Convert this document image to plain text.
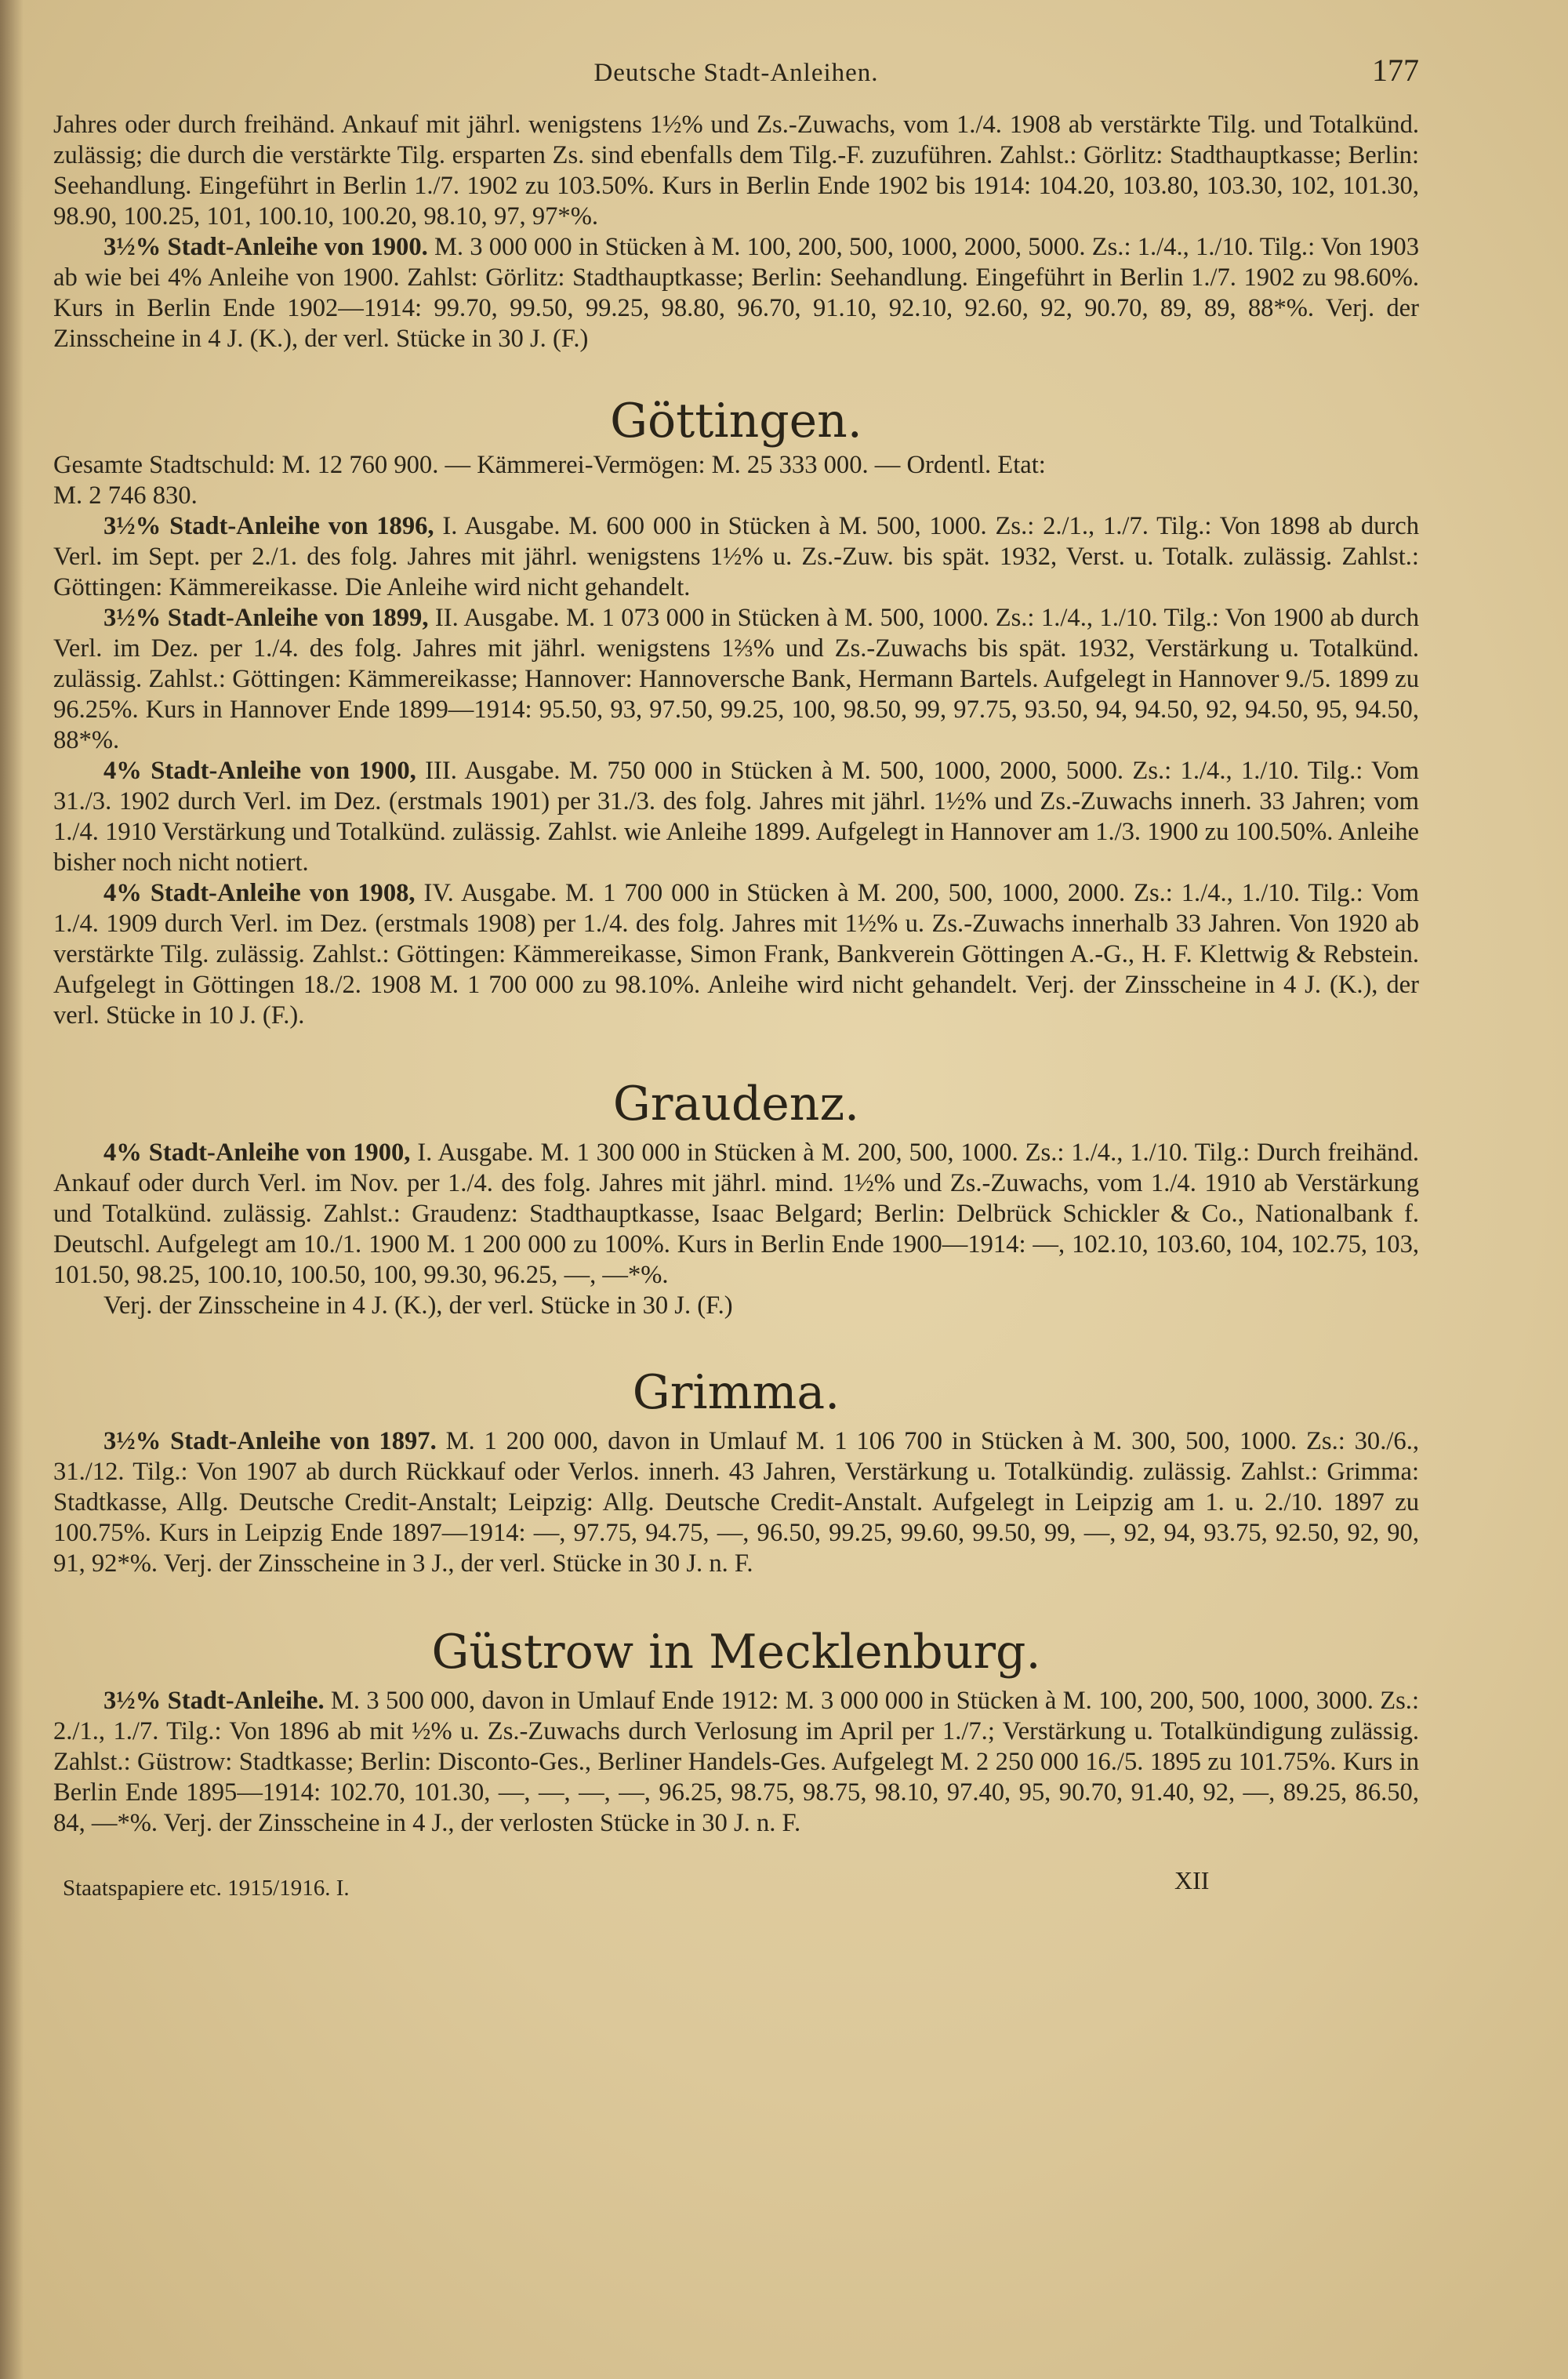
Deutsche Stadt-Anleihen.	177

Jahres oder durch freihänd. Ankauf mit jährl. wenigstens 1½% und Zs.-Zuwachs, vom 1./4. 1908 ab verstärkte Tilg. und Totalkünd. zulässig; die durch die verstärkte Tilg. ersparten Zs. sind ebenfalls dem Tilg.-F. zuzuführen. Zahlst.: Görlitz: Stadthauptkasse; Berlin: Seehandlung. Eingeführt in Berlin 1./7. 1902 zu 103.50%. Kurs in Berlin Ende 1902 bis 1914: 104.20, 103.80, 103.30, 102, 101.30, 98.90, 100.25, 101, 100.10, 100.20, 98.10, 97, 97*%.

3½% Stadt-Anleihe von 1900. M. 3 000 000 in Stücken à M. 100, 200, 500, 1000, 2000, 5000. Zs.: 1./4., 1./10. Tilg.: Von 1903 ab wie bei 4% Anleihe von 1900. Zahlst: Görlitz: Stadthauptkasse; Berlin: Seehandlung. Eingeführt in Berlin 1./7. 1902 zu 98.60%. Kurs in Berlin Ende 1902—1914: 99.70, 99.50, 99.25, 98.80, 96.70, 91.10, 92.10, 92.60, 92, 90.70, 89, 89, 88*%. Verj. der Zinsscheine in 4 J. (K.), der verl. Stücke in 30 J. (F.)

Göttingen.

Gesamte Stadtschuld: M. 12 760 900. — Kämmerei-Vermögen: M. 25 333 000. — Ordentl. Etat:

M. 2 746 830.

3½% Stadt-Anleihe von 1896, I. Ausgabe. M. 600 000 in Stücken à M. 500, 1000. Zs.: 2./1., 1./7. Tilg.: Von 1898 ab durch Verl. im Sept. per 2./1. des folg. Jahres mit jährl. wenigstens 1½% u. Zs.-Zuw. bis spät. 1932, Verst. u. Totalk. zulässig. Zahlst.: Göttingen: Kämmereikasse. Die Anleihe wird nicht gehandelt.

3½% Stadt-Anleihe von 1899, II. Ausgabe. M. 1 073 000 in Stücken à M. 500, 1000. Zs.: 1./4., 1./10. Tilg.: Von 1900 ab durch Verl. im Dez. per 1./4. des folg. Jahres mit jährl. wenigstens 1⅔% und Zs.-Zuwachs bis spät. 1932, Verstärkung u. Totalkünd. zulässig. Zahlst.: Göttingen: Kämmereikasse; Hannover: Hannoversche Bank, Hermann Bartels. Aufgelegt in Hannover 9./5. 1899 zu 96.25%. Kurs in Hannover Ende 1899—1914: 95.50, 93, 97.50, 99.25, 100, 98.50, 99, 97.75, 93.50, 94, 94.50, 92, 94.50, 95, 94.50, 88*%.

4% Stadt-Anleihe von 1900, III. Ausgabe. M. 750 000 in Stücken à M. 500, 1000, 2000, 5000. Zs.: 1./4., 1./10. Tilg.: Vom 31./3. 1902 durch Verl. im Dez. (erstmals 1901) per 31./3. des folg. Jahres mit jährl. 1½% und Zs.-Zuwachs innerh. 33 Jahren; vom 1./4. 1910 Verstärkung und Totalkünd. zulässig. Zahlst. wie Anleihe 1899. Aufgelegt in Hannover am 1./3. 1900 zu 100.50%. Anleihe bisher noch nicht notiert.

4% Stadt-Anleihe von 1908, IV. Ausgabe. M. 1 700 000 in Stücken à M. 200, 500, 1000, 2000. Zs.: 1./4., 1./10. Tilg.: Vom 1./4. 1909 durch Verl. im Dez. (erstmals 1908) per 1./4. des folg. Jahres mit 1½% u. Zs.-Zuwachs innerhalb 33 Jahren. Von 1920 ab verstärkte Tilg. zulässig. Zahlst.: Göttingen: Kämmereikasse, Simon Frank, Bankverein Göttingen A.-G., H. F. Klettwig & Rebstein. Aufgelegt in Göttingen 18./2. 1908 M. 1 700 000 zu 98.10%. Anleihe wird nicht gehandelt. Verj. der Zinsscheine in 4 J. (K.), der verl. Stücke in 10 J. (F.).

Graudenz.

4% Stadt-Anleihe von 1900, I. Ausgabe. M. 1 300 000 in Stücken à M. 200, 500, 1000. Zs.: 1./4., 1./10. Tilg.: Durch freihänd. Ankauf oder durch Verl. im Nov. per 1./4. des folg. Jahres mit jährl. mind. 1½% und Zs.-Zuwachs, vom 1./4. 1910 ab Verstärkung und Totalkünd. zulässig. Zahlst.: Graudenz: Stadthauptkasse, Isaac Belgard; Berlin: Delbrück Schickler & Co., Nationalbank f. Deutschl. Aufgelegt am 10./1. 1900 M. 1 200 000 zu 100%. Kurs in Berlin Ende 1900—1914: —, 102.10, 103.60, 104, 102.75, 103, 101.50, 98.25, 100.10, 100.50, 100, 99.30, 96.25, —, —*%.

Verj. der Zinsscheine in 4 J. (K.), der verl. Stücke in 30 J. (F.)

Grimma.

3½% Stadt-Anleihe von 1897. M. 1 200 000, davon in Umlauf M. 1 106 700 in Stücken à M. 300, 500, 1000. Zs.: 30./6., 31./12. Tilg.: Von 1907 ab durch Rückkauf oder Verlos. innerh. 43 Jahren, Verstärkung u. Totalkündig. zulässig. Zahlst.: Grimma: Stadtkasse, Allg. Deutsche Credit-Anstalt; Leipzig: Allg. Deutsche Credit-Anstalt. Aufgelegt in Leipzig am 1. u. 2./10. 1897 zu 100.75%. Kurs in Leipzig Ende 1897—1914: —, 97.75, 94.75, —, 96.50, 99.25, 99.60, 99.50, 99, —, 92, 94, 93.75, 92.50, 92, 90, 91, 92*%. Verj. der Zinsscheine in 3 J., der verl. Stücke in 30 J. n. F.

Güstrow in Mecklenburg.

3½% Stadt-Anleihe. M. 3 500 000, davon in Umlauf Ende 1912: M. 3 000 000 in Stücken à M. 100, 200, 500, 1000, 3000. Zs.: 2./1., 1./7. Tilg.: Von 1896 ab mit ½% u. Zs.-Zuwachs durch Verlosung im April per 1./7.; Verstärkung u. Totalkündigung zulässig. Zahlst.: Güstrow: Stadtkasse; Berlin: Disconto-Ges., Berliner Handels-Ges. Aufgelegt M. 2 250 000 16./5. 1895 zu 101.75%. Kurs in Berlin Ende 1895—1914: 102.70, 101.30, —, —, —, —, 96.25, 98.75, 98.75, 98.10, 97.40, 95, 90.70, 91.40, 92, —, 89.25, 86.50, 84, —*%. Verj. der Zinsscheine in 4 J., der verlosten Stücke in 30 J. n. F.

Staatspapiere etc. 1915/1916. I.	XII
